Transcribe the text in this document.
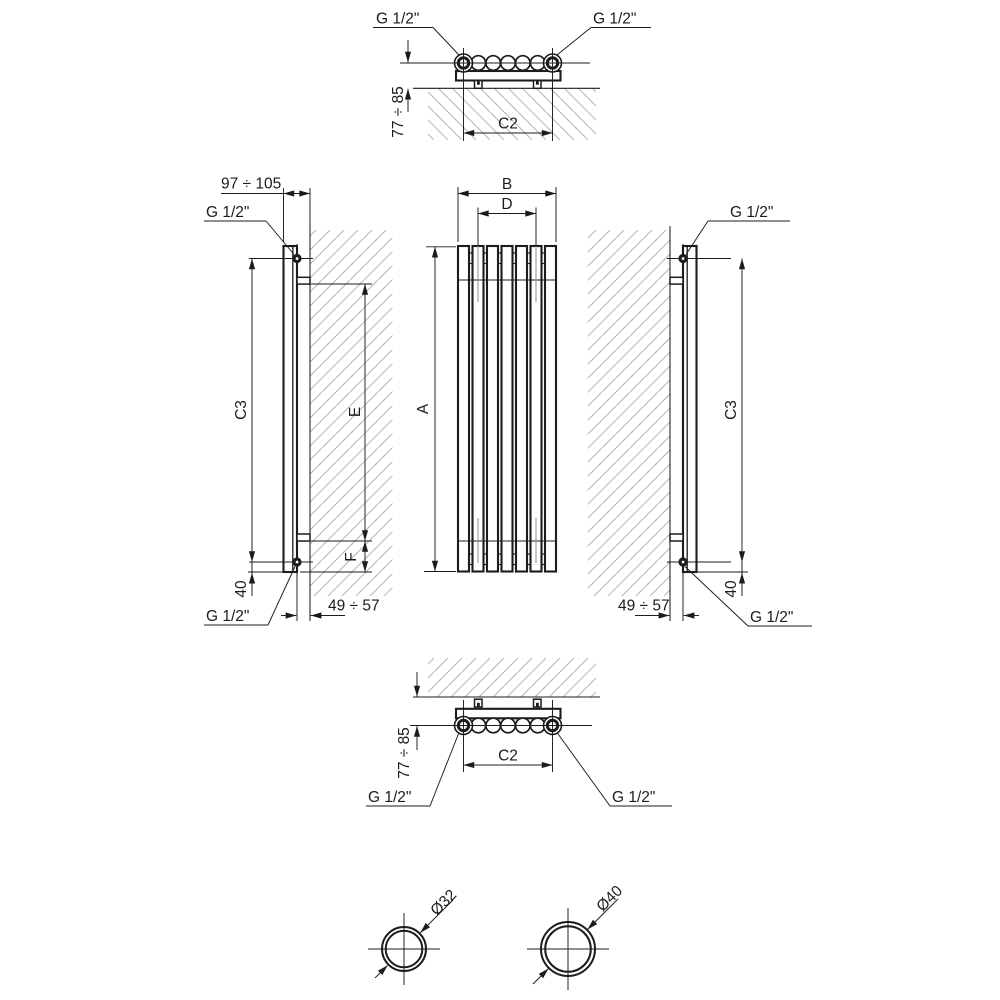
77 ÷ 85	C2
G 1/2"	G 1/2"
B
D
A
97 ÷ 105
G 1/2"
C3	E
F
40
49 ÷ 57
G 1/2"
G 1/2"
C3
40
49 ÷ 57
G 1/2"
77 ÷ 85	C2
G 1/2"	G 1/2"
Ø32	Ø40
